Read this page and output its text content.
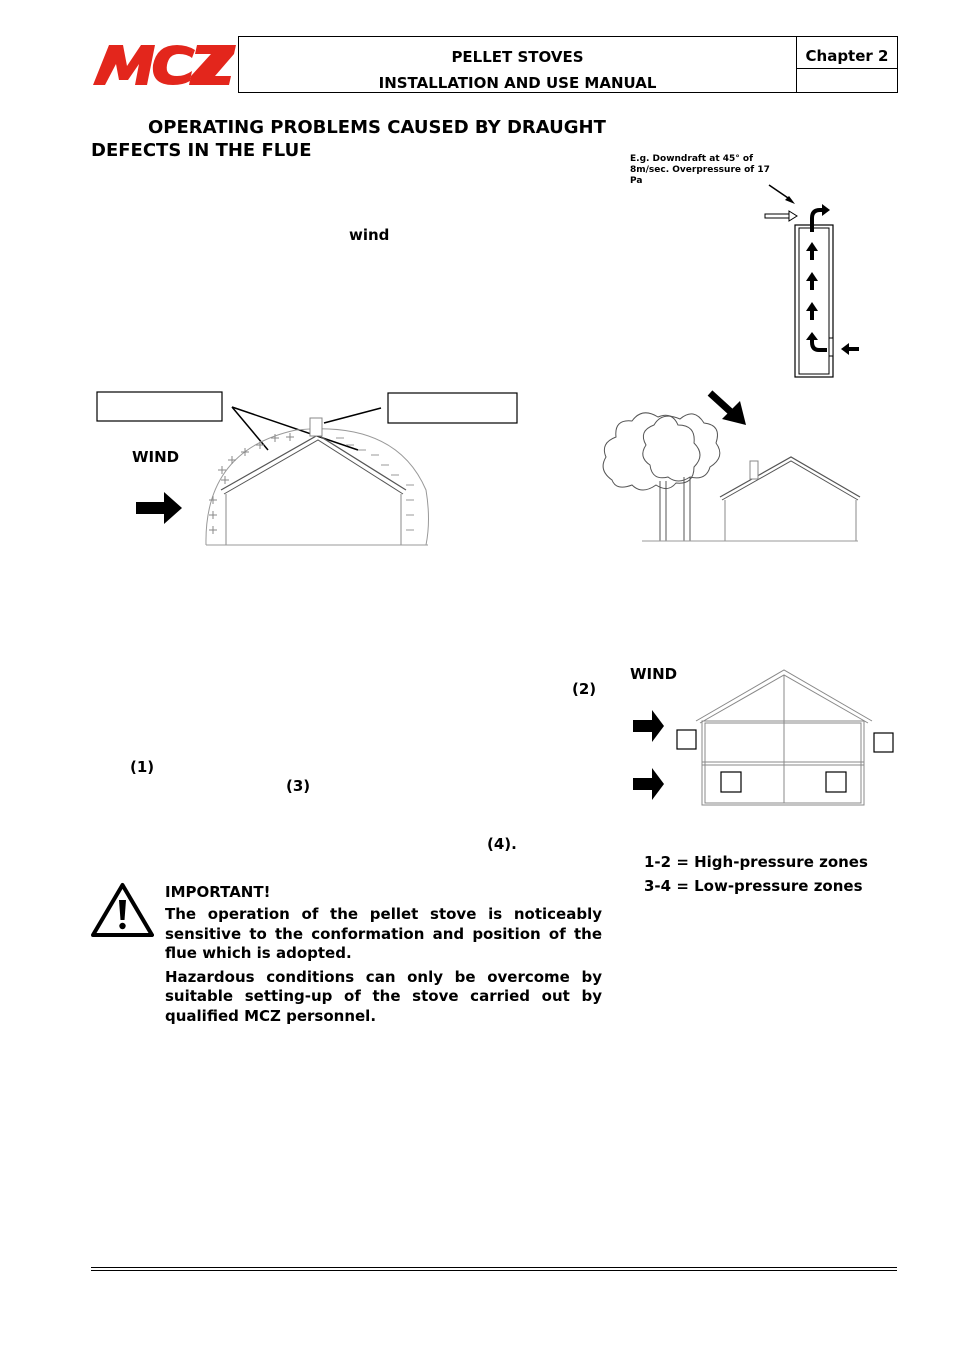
PELLET STOVES
INSTALLATION AND USE MANUAL
Chapter 2
OPERATING PROBLEMS CAUSED BY DRAUGHT
DEFECTS IN THE FLUE
wind
E.g. Downdraft at 45° of 8m/sec. Overpressure of 17 Pa
WIND
(2)
(1)
(3)
(4).
WIND
1-2 = High-pressure zones
3-4 = Low-pressure zones
IMPORTANT!

The operation of the pellet stove is noticeably sensitive to the conformation and position of the flue which is adopted.

Hazardous conditions can only be overcome by suitable setting-up of the stove carried out by qualified MCZ personnel.
